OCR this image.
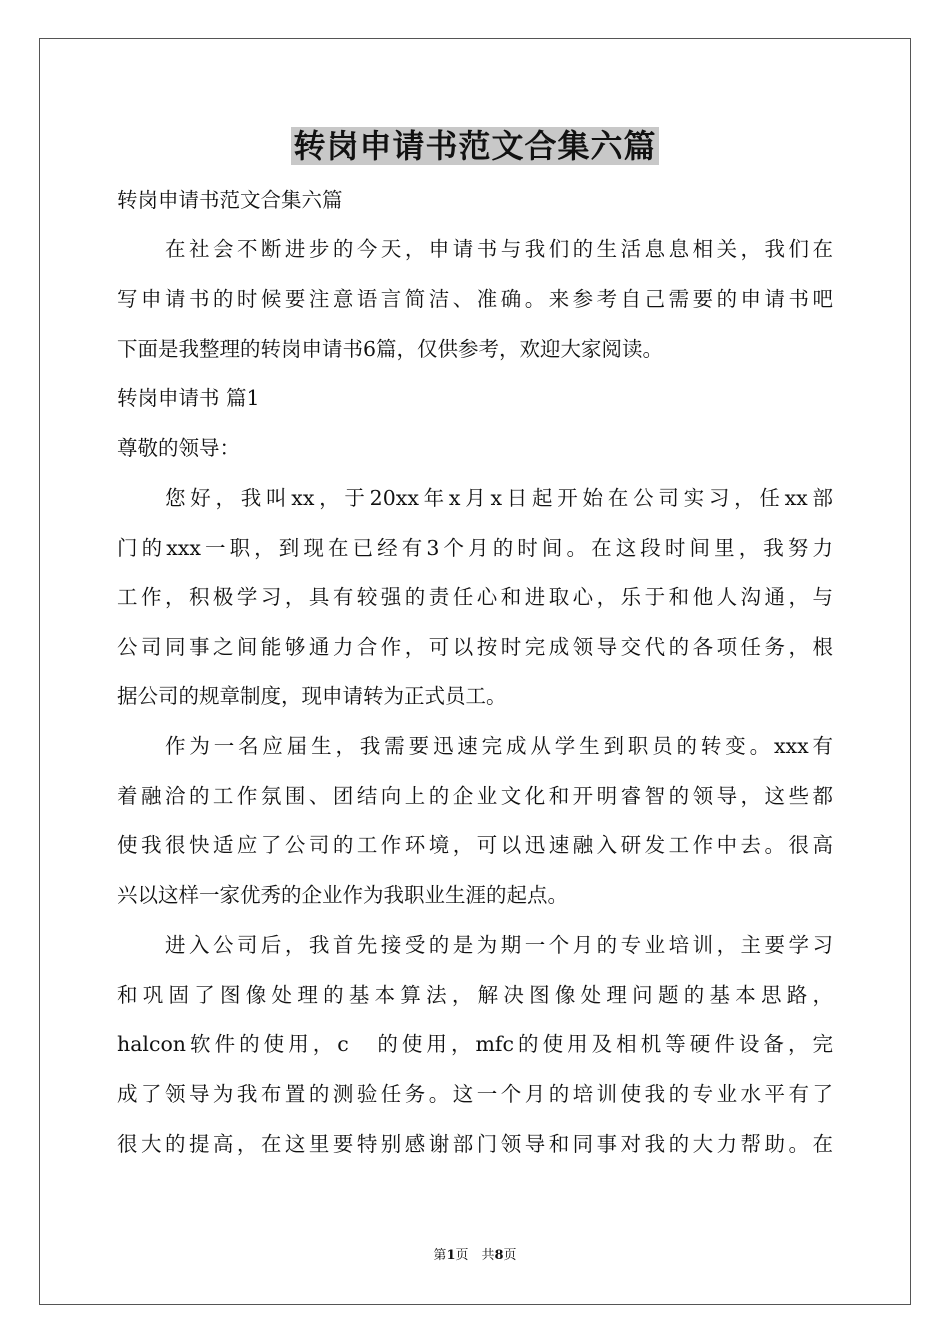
转岗申请书范文合集六篇
转岗申请书范文合集六篇
在社会不断进步的今天，申请书与我们的生活息息相关，我们在
写申请书的时候要注意语言简洁、准确。来参考自己需要的申请书吧
下面是我整理的转岗申请书6篇，仅供参考，欢迎大家阅读。
转岗申请书 篇1
尊敬的领导：
您好，我叫xx，于20xx年x月x日起开始在公司实习，任xx部
门的xxx一职，到现在已经有3个月的时间。在这段时间里，我努力
工作，积极学习，具有较强的责任心和进取心，乐于和他人沟通，与
公司同事之间能够通力合作，可以按时完成领导交代的各项任务，根
据公司的规章制度，现申请转为正式员工。
作为一名应届生，我需要迅速完成从学生到职员的转变。xxx有
着融洽的工作氛围、团结向上的企业文化和开明睿智的领导，这些都
使我很快适应了公司的工作环境，可以迅速融入研发工作中去。很高
兴以这样一家优秀的企业作为我职业生涯的起点。
进入公司后，我首先接受的是为期一个月的专业培训，主要学习
和巩固了图像处理的基本算法，解决图像处理问题的基本思路，
halcon软件的使用，c　的使用，mfc的使用及相机等硬件设备，完
成了领导为我布置的测验任务。这一个月的培训使我的专业水平有了
很大的提高，在这里要特别感谢部门领导和同事对我的大力帮助。在
第1页　共8页
